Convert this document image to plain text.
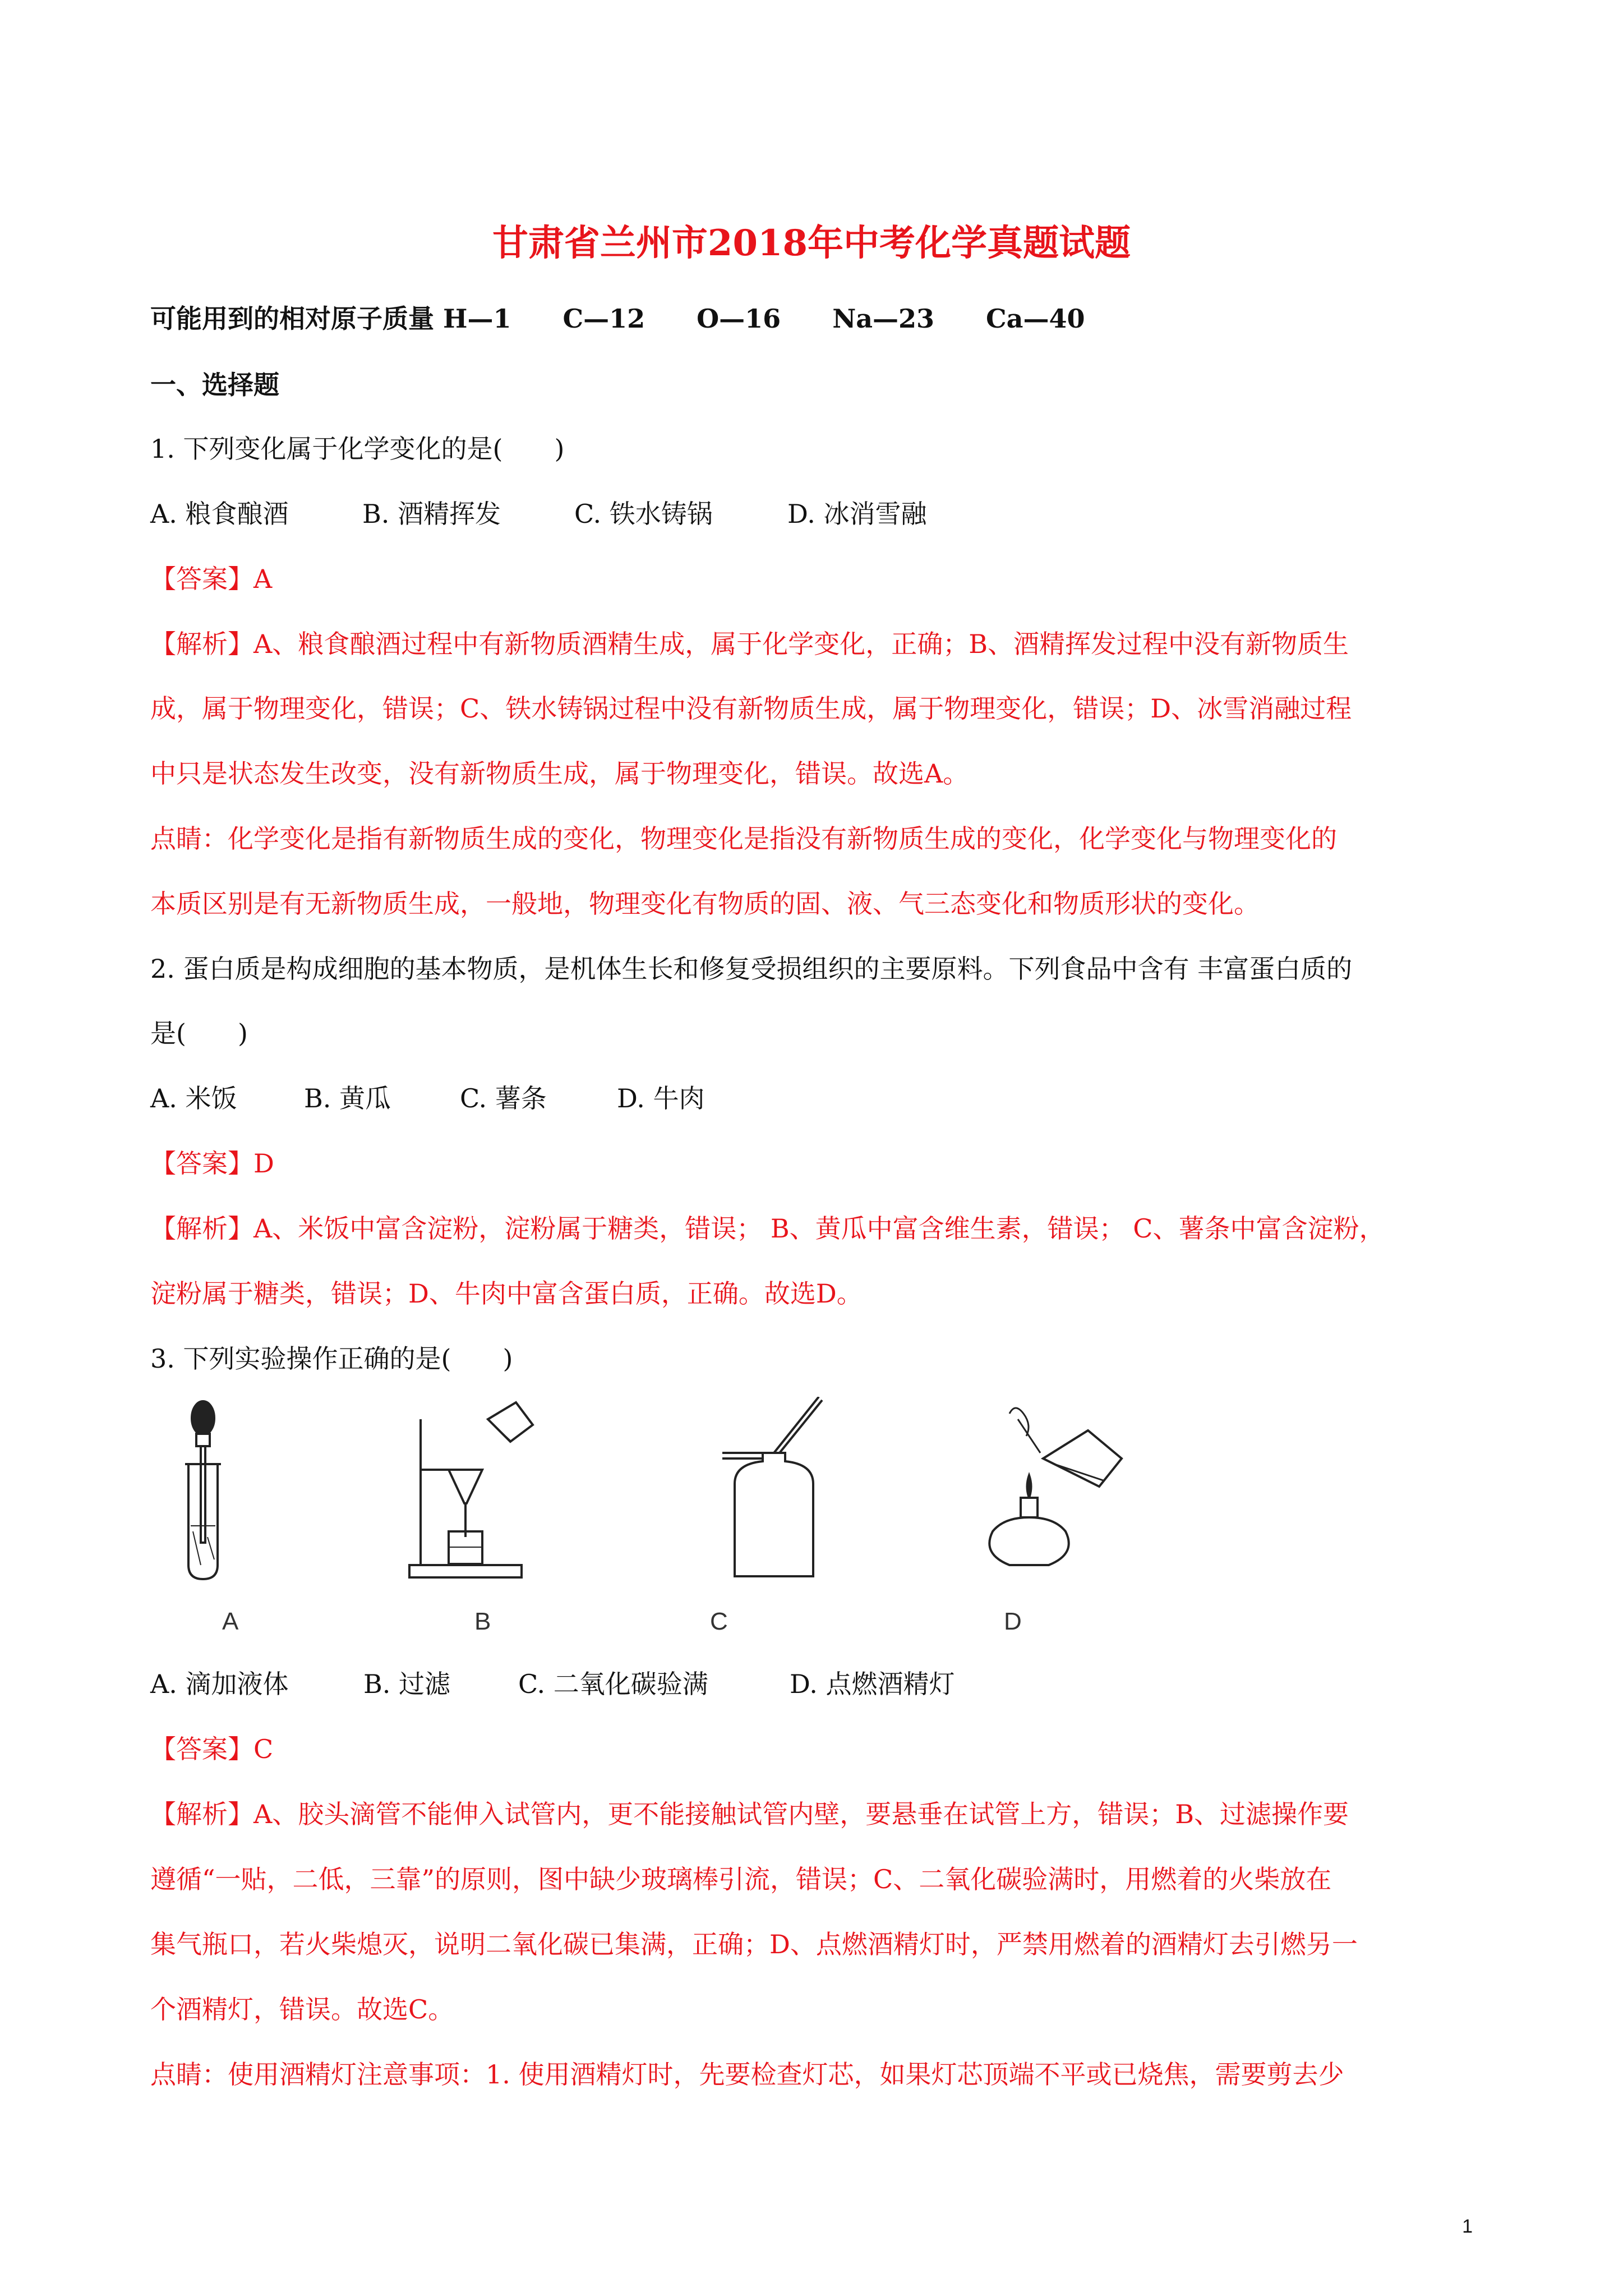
甘肃省兰州市2018年中考化学真题试题
可能用到的相对原子质量 H—1　　C—12　　O—16　　Na—23　　Ca—40
一、选择题
1. 下列变化属于化学变化的是(　　)
A. 粮食酿酒	B. 酒精挥发	C. 铁水铸锅	D. 冰消雪融
【答案】A
【解析】A、粮食酿酒过程中有新物质酒精生成，属于化学变化，正确；B、酒精挥发过程中没有新物质生
成，属于物理变化，错误；C、铁水铸锅过程中没有新物质生成，属于物理变化，错误；D、冰雪消融过程
中只是状态发生改变，没有新物质生成，属于物理变化，错误。故选A。
点睛：化学变化是指有新物质生成的变化，物理变化是指没有新物质生成的变化，化学变化与物理变化的
本质区别是有无新物质生成，一般地，物理变化有物质的固、液、气三态变化和物质形状的变化。
2. 蛋白质是构成细胞的基本物质，是机体生长和修复受损组织的主要原料。下列食品中含有 丰富蛋白质的
是(　　)
A. 米饭	B. 黄瓜	C. 薯条	D. 牛肉
【答案】D
【解析】A、米饭中富含淀粉，淀粉属于糖类，错误； B、黄瓜中富含维生素，错误； C、薯条中富含淀粉，
淀粉属于糖类，错误；D、牛肉中富含蛋白质，正确。故选D。
3. 下列实验操作正确的是(　　)
A	B	C	D
A. 滴加液体	B. 过滤	C. 二氧化碳验满	D. 点燃酒精灯
【答案】C
【解析】A、胶头滴管不能伸入试管内，更不能接触试管内壁，要悬垂在试管上方，错误；B、过滤操作要
遵循“一贴，二低，三靠”的原则，图中缺少玻璃棒引流，错误；C、二氧化碳验满时，用燃着的火柴放在
集气瓶口，若火柴熄灭，说明二氧化碳已集满，正确；D、点燃酒精灯时，严禁用燃着的酒精灯去引燃另一
个酒精灯，错误。故选C。
点睛：使用酒精灯注意事项：1. 使用酒精灯时，先要检查灯芯，如果灯芯顶端不平或已烧焦，需要剪去少
1
